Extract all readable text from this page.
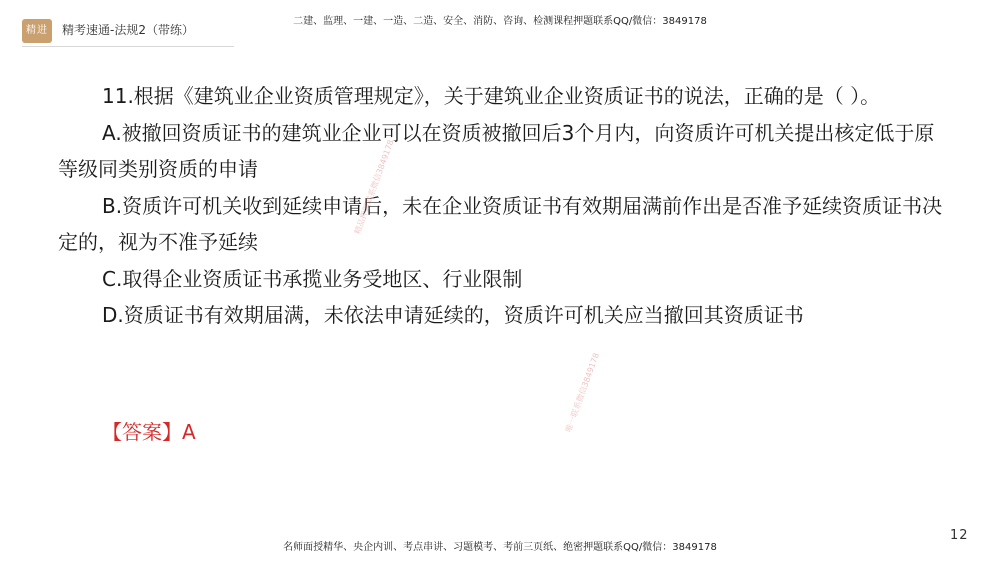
精进	精考速通-法规2（带练）
二建、监理、一建、一造、二造、安全、消防、咨询、检测课程押题联系QQ/微信：3849178

11.根据《建筑业企业资质管理规定》，关于建筑业企业资质证书的说法，正确的是（ ）。

A.被撤回资质证书的建筑业企业可以在资质被撤回后3个月内，向资质许可机关提出核定低于原等级同类别资质的申请

B.资质许可机关收到延续申请后，未在企业资质证书有效期届满前作出是否准予延续资质证书决定的，视为不准予延续

C.取得企业资质证书承揽业务受地区、行业限制

D.资质证书有效期届满，未依法申请延续的，资质许可机关应当撤回其资质证书

【答案】A
精品押题联系微信3849178
唯一联系微信3849178
名师面授精华、央企内训、考点串讲、习题模考、考前三页纸、绝密押题联系QQ/微信：3849178
12
